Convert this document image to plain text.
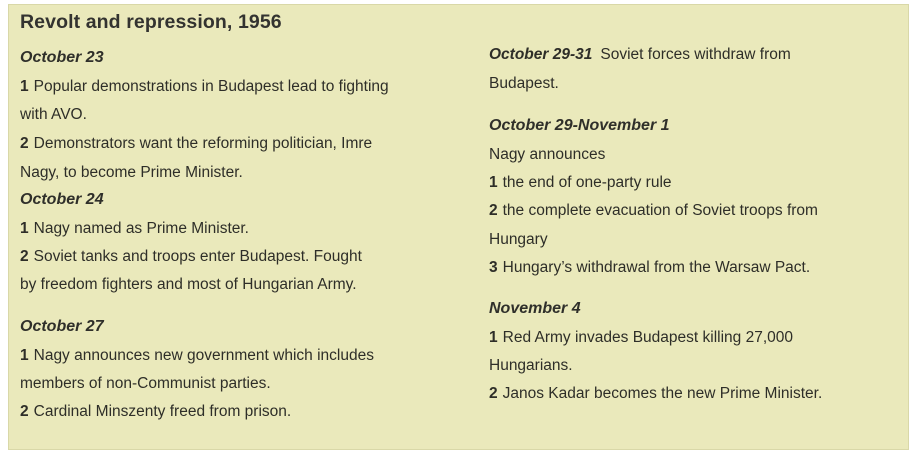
Revolt and repression, 1956
October 23
1 Popular demonstrations in Budapest lead to fighting
with AVO.
2 Demonstrators want the reforming politician, Imre
Nagy, to become Prime Minister.
October 24
1 Nagy named as Prime Minister.
2 Soviet tanks and troops enter Budapest. Fought
by freedom fighters and most of Hungarian Army.
October 27
1 Nagy announces new government which includes
members of non-Communist parties.
2 Cardinal Minszenty freed from prison.
October 29-31 Soviet forces withdraw from
Budapest.
October 29-November 1
Nagy announces
1 the end of one-party rule
2 the complete evacuation of Soviet troops from
Hungary
3 Hungary’s withdrawal from the Warsaw Pact.
November 4
1 Red Army invades Budapest killing 27,000
Hungarians.
2 Janos Kadar becomes the new Prime Minister.
